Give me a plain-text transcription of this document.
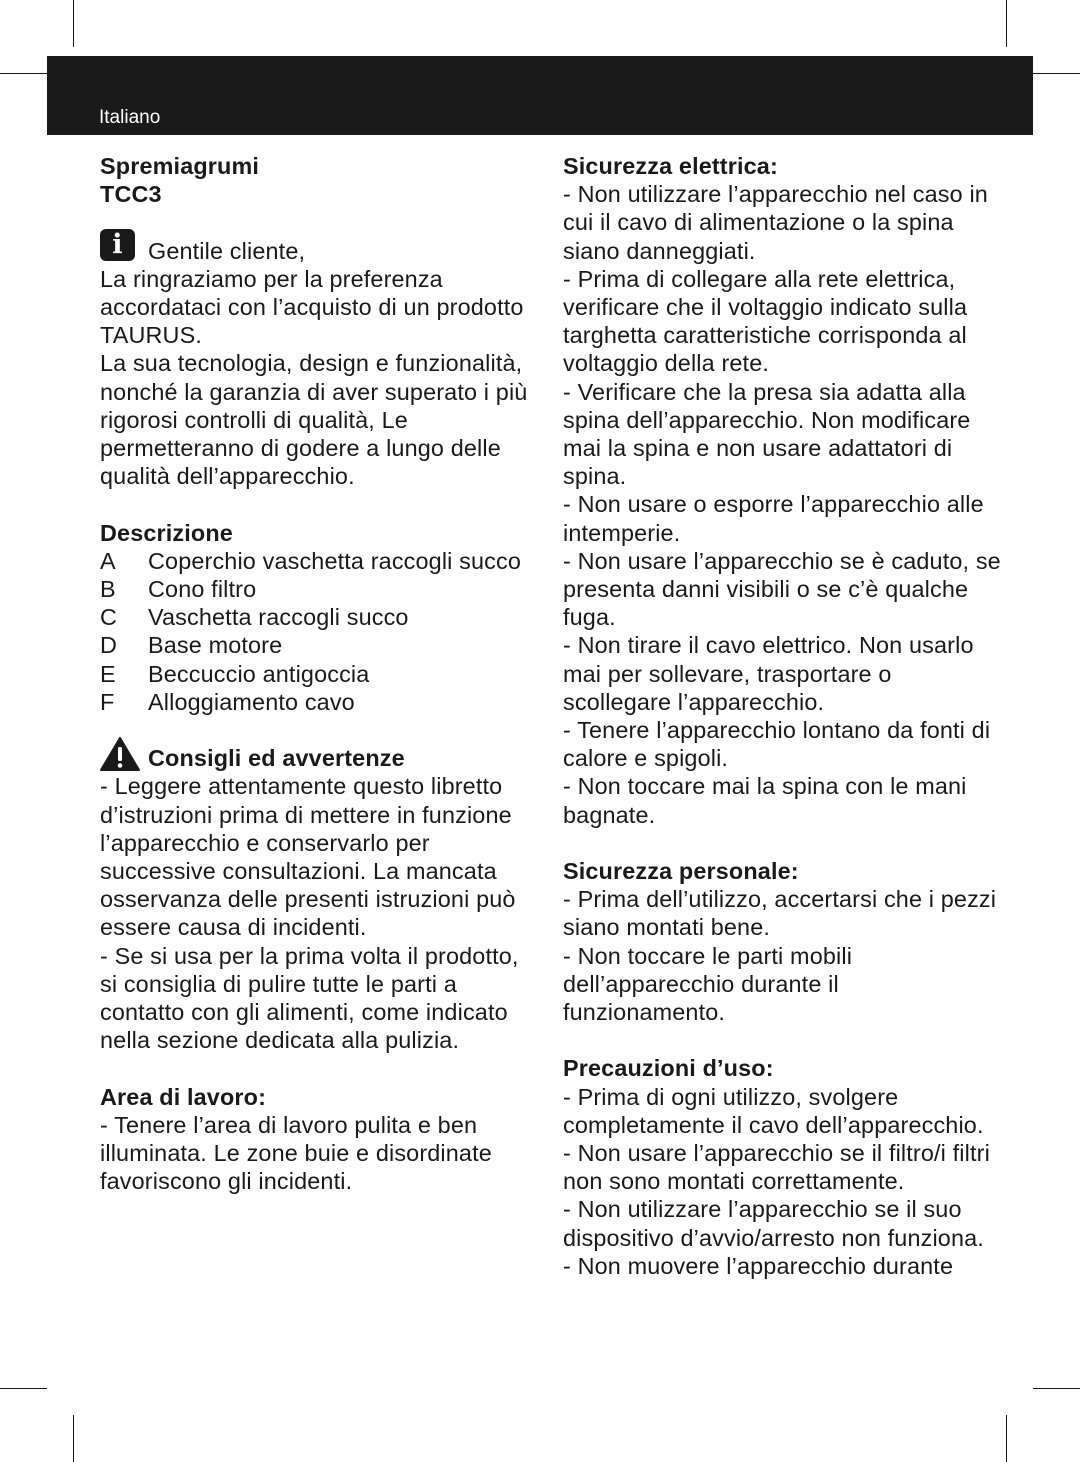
Italiano
Spremiagrumi
TCC3
i	Gentile cliente,

La ringraziamo per la preferenza accordataci con l’acquisto di un prodotto TAURUS.

La sua tecnologia, design e funzionalità, nonché la garanzia di aver superato i più rigorosi controlli di qualità, Le permetteranno di godere a lungo delle qualità dell’apparecchio.

Descrizione
A	Coperchio vaschetta raccogli succo
B	Cono filtro
C	Vaschetta raccogli succo
D	Base motore
E	Beccuccio antigoccia
F	Alloggiamento cavo
Consigli ed avvertenze

- Leggere attentamente questo libretto d’istruzioni prima di mettere in funzione l’apparecchio e conservarlo per successive consultazioni. La mancata osservanza delle presenti istruzioni può essere causa di incidenti.

- Se si usa per la prima volta il prodotto, si consiglia di pulire tutte le parti a contatto con gli alimenti, come indicato nella sezione dedicata alla pulizia.

Area di lavoro:

- Tenere l’area di lavoro pulita e ben illuminata. Le zone buie e disordinate favoriscono gli incidenti.

Sicurezza elettrica:

- Non utilizzare l’apparecchio nel caso in cui il cavo di alimentazione o la spina siano danneggiati.

- Prima di collegare alla rete elettrica, verificare che il voltaggio indicato sulla targhetta caratteristiche corrisponda al voltaggio della rete.

- Verificare che la presa sia adatta alla spina dell’apparecchio. Non modificare mai la spina e non usare adattatori di spina.

- Non usare o esporre l’apparecchio alle intemperie.

- Non usare l’apparecchio se è caduto, se presenta danni visibili o se c’è qualche fuga.

- Non tirare il cavo elettrico. Non usarlo mai per sollevare, trasportare o scollegare l’apparecchio.

- Tenere l’apparecchio lontano da fonti di calore e spigoli.

- Non toccare mai la spina con le mani bagnate.

Sicurezza personale:

- Prima dell’utilizzo, accertarsi che i pezzi siano montati bene.

- Non toccare le parti mobili dell’apparecchio durante il funzionamento.

Precauzioni d’uso:

- Prima di ogni utilizzo, svolgere completamente il cavo dell’apparecchio.

- Non usare l’apparecchio se il filtro/i filtri non sono montati correttamente.

- Non utilizzare l’apparecchio se il suo dispositivo d’avvio/arresto non funziona.

- Non muovere l’apparecchio durante
